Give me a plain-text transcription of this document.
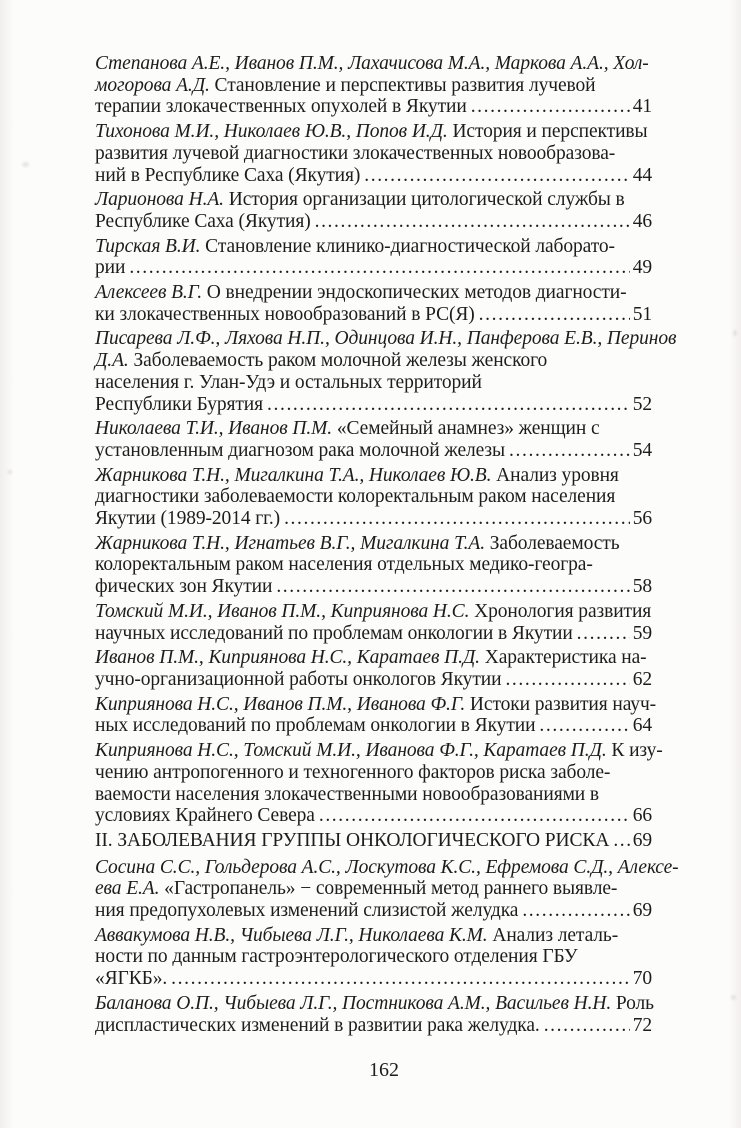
Степанова А.Е., Иванов П.М., Лахачисова М.А., Маркова А.А., Хол-
могорова А.Д. Становление и перспективы развития лучевой
терапии злокачественных опухолей в Якутии .....	41
Тихонова М.И., Николаев Ю.В., Попов И.Д. История и перспективы
развития лучевой диагностики злокачественных новообразова-
ний в Республике Саха (Якутия) .....	44
Ларионова Н.А. История организации цитологической службы в
Республике Саха (Якутия) .....	46
Тирская В.И. Становление клинико-диагностической лаборато-
рии .....	49
Алексеев В.Г. О внедрении эндоскопических методов диагности-
ки злокачественных новообразований в РС(Я) .....	51
Писарева Л.Ф., Ляхова Н.П., Одинцова И.Н., Панферова Е.В., Перинов
Д.А. Заболеваемость раком молочной железы женского
населения г. Улан-Удэ и остальных территорий
Республики Бурятия .....	52
Николаева Т.И., Иванов П.М. «Семейный анамнез» женщин с
установленным диагнозом рака молочной железы .....	54
Жарникова Т.Н., Мигалкина Т.А., Николаев Ю.В. Анализ уровня
диагностики заболеваемости колоректальным раком населения
Якутии (1989-2014 гг.) .....	56
Жарникова Т.Н., Игнатьев В.Г., Мигалкина Т.А. Заболеваемость
колоректальным раком населения отдельных медико-геогра-
фических зон Якутии .....	58
Томский М.И., Иванов П.М., Киприянова Н.С. Хронология развития
научных исследований по проблемам онкологии в Якутии .....	59
Иванов П.М., Киприянова Н.С., Каратаев П.Д. Характеристика на-
учно-организационной работы онкологов Якутии .....	62
Киприянова Н.С., Иванов П.М., Иванова Ф.Г. Истоки развития науч-
ных исследований по проблемам онкологии в Якутии .....	64
Киприянова Н.С., Томский М.И., Иванова Ф.Г., Каратаев П.Д. К изу-
чению антропогенного и техногенного факторов риска заболе-
ваемости населения злокачественными новообразованиями в
условиях Крайнего Севера .....	66
II. ЗАБОЛЕВАНИЯ ГРУППЫ ОНКОЛОГИЧЕСКОГО РИСКА ..... 69
Сосина С.С., Гольдерова А.С., Лоскутова К.С., Ефремова С.Д., Алексе-
ева Е.А. «Гастропанель» − современный метод раннего выявле-
ния предопухолевых изменений слизистой желудка .....	69
Аввакумова Н.В., Чибыева Л.Г., Николаева К.М. Анализ леталь-
ности по данным гастроэнтерологического отделения ГБУ
«ЯГКБ». .....	70
Баланова О.П., Чибыева Л.Г., Постникова А.М., Васильев Н.Н. Роль
диспластических изменений в развитии рака желудка. .....	72
162
